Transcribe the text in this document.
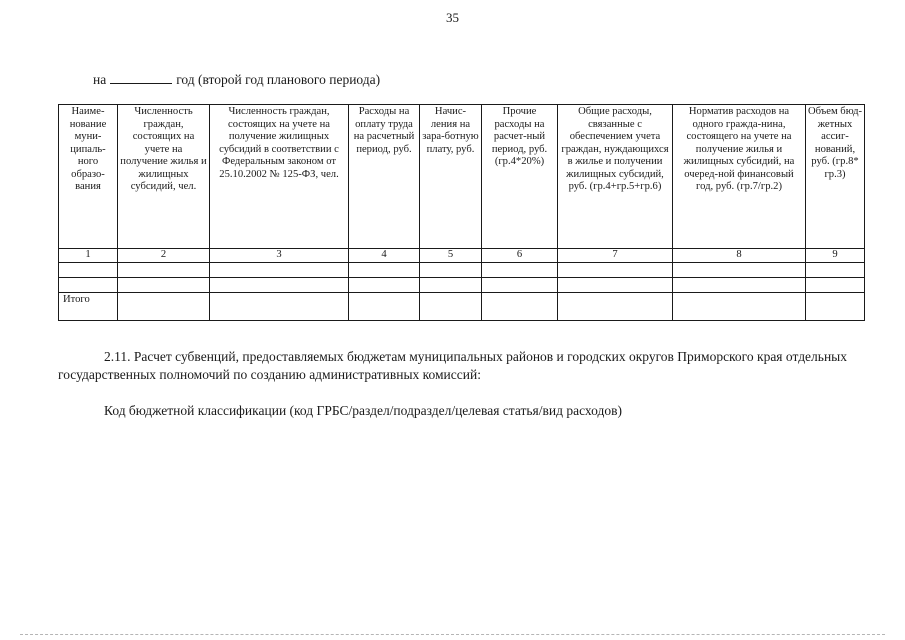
35
на	год (второй год планового периода)
Наиме-нование муни-ципаль-ного образо-вания	Численность граждан, состоящих на учете на получение жилья и жилищных субсидий, чел.	Численность граждан, состоящих на учете на получение жилищных субсидий в соответствии с Федеральным законом от 25.10.2002 № 125-ФЗ, чел.	Расходы на оплату труда на расчетный период, руб.	Начис-ления на зара-ботную плату, руб.	Прочие расходы на расчет-ный период, руб. (гр.4*20%)	Общие расходы, связанные с обеспечением учета граждан, нуждающихся в жилье и получении жилищных субсидий, руб. (гр.4+гр.5+гр.6)	Норматив расходов на одного гражда-нина, состоящего на учете на получение жилья и жилищных субсидий, на очеред-ной финансовый год, руб. (гр.7/гр.2)	Объем бюд-жетных ассиг-нований, руб. (гр.8* гр.3)
1	2	3	4	5	6	7	8	9

Итого								
2.11. Расчет субвенций, предоставляемых бюджетам муниципальных районов и городских округов Приморского края отдельных государственных полномочий по созданию административных комиссий:
Код бюджетной классификации (код ГРБС/раздел/подраздел/целевая статья/вид расходов)
